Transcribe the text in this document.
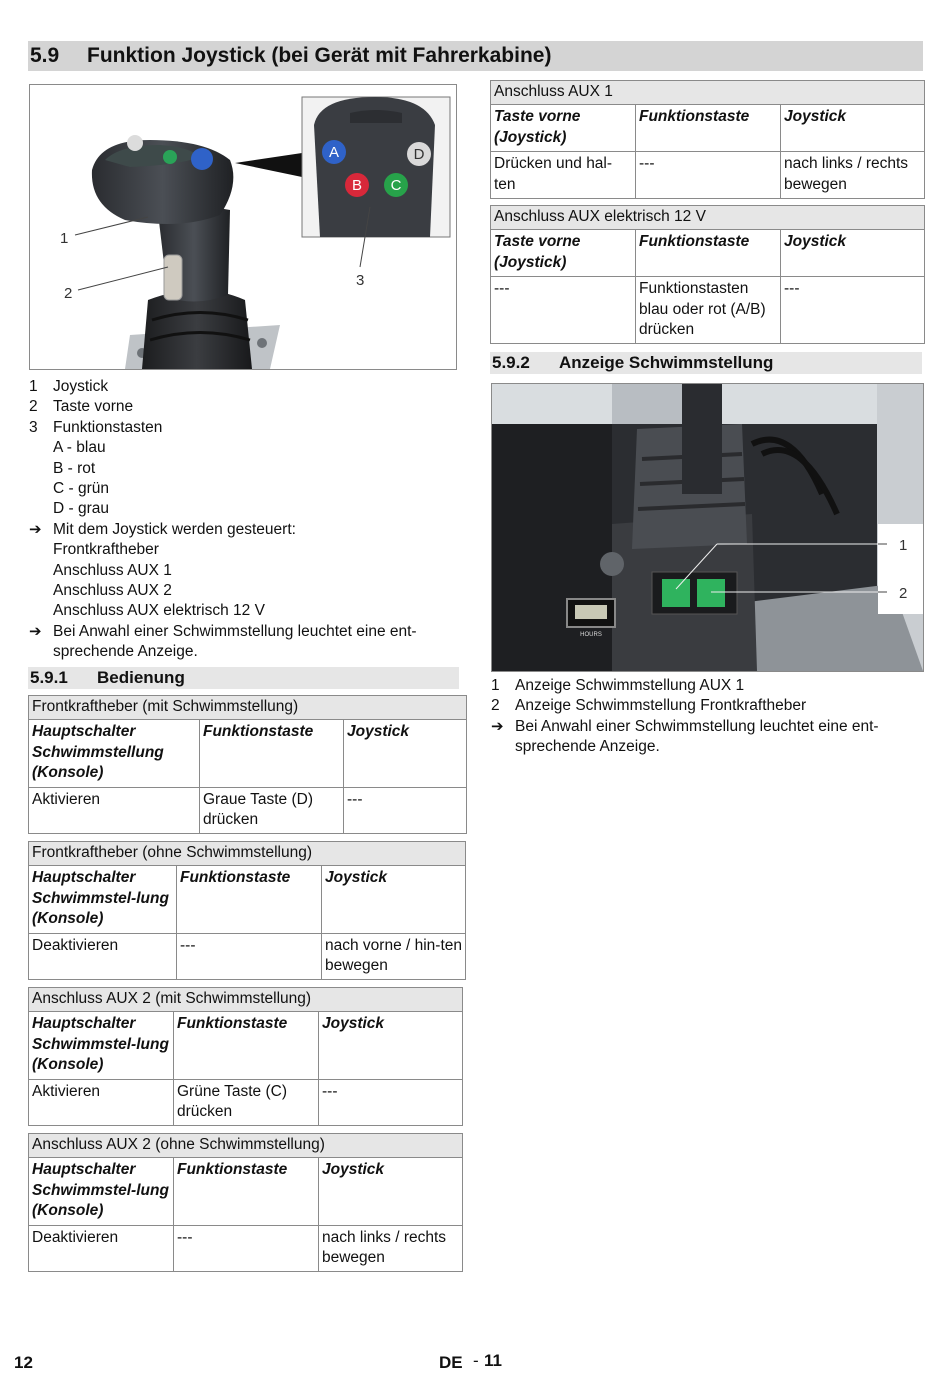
5.9 Funktion Joystick (bei Gerät mit Fahrerkabine)
A
B C
D
1
2
3
1 Joystick
2 Taste vorne
3 Funktionstasten
A - blau
B - rot
C - grün
D - grau
➔ Mit dem Joystick werden gesteuert:
Frontkraftheber
Anschluss AUX 1
Anschluss AUX 2
Anschluss AUX elektrisch 12 V
➔ Bei Anwahl einer Schwimmstellung leuchtet eine ent-
sprechende Anzeige.
5.9.1 Bedienung
Frontkraftheber (mit Schwimmstellung)		
Hauptschalter Schwimmstellung (Konsole)	Funktionstaste	Joystick
Aktivieren	Graue Taste (D) drücken	---
Frontkraftheber (ohne Schwimmstellung)		
Hauptschalter Schwimmstel-lung (Konsole)	Funktionstaste	Joystick
Deaktivieren	---	nach vorne / hin-ten bewegen
Anschluss AUX 2 (mit Schwimmstellung)		
Hauptschalter Schwimmstel-lung (Konsole)	Funktionstaste	Joystick
Aktivieren	Grüne Taste (C) drücken	---
Anschluss AUX 2 (ohne Schwimmstellung)		
Hauptschalter Schwimmstel-lung (Konsole)	Funktionstaste	Joystick
Deaktivieren	---	nach links / rechts bewegen
Anschluss AUX 1		
Taste vorne (Joystick)	Funktionstaste	Joystick
Drücken und hal-ten	---	nach links / rechts bewegen
Anschluss AUX elektrisch 12 V		
Taste vorne (Joystick)	Funktionstaste	Joystick
---	Funktionstasten blau oder rot (A/B) drücken	---
5.9.2 Anzeige Schwimmstellung
HOURS
1
2
1 Anzeige Schwimmstellung AUX 1
2 Anzeige Schwimmstellung Frontkraftheber
➔ Bei Anwahl einer Schwimmstellung leuchtet eine ent-
sprechende Anzeige.
12	DE - 11
